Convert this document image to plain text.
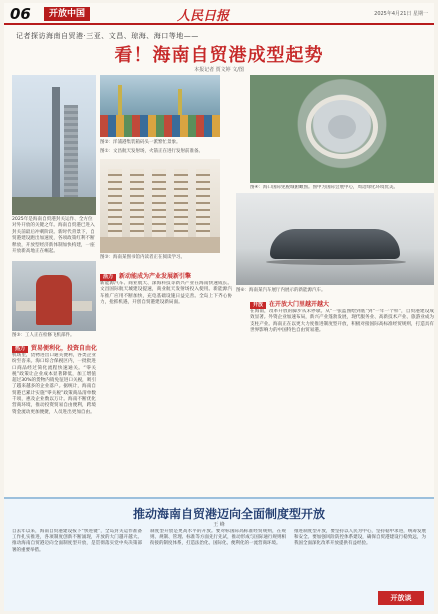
06	开放中国	人民日报	2025年4月21日 星期一
记者探访海南自贸港·三亚、文昌、琼海、海口等地——
看！海南自贸港成型起势
本报记者 贾文婷 文/图
图②：洋浦港集装箱码头一派繁忙景象。
图③：海南某图书馆内读者正在阅读学习。
图①：文昌航天发射场，火箭正在进行发射前准备。
图④：海口国际免税城俯瞰图。图中为国际会展中心，周边绿化环境优美。
图⑥：海南某汽车展厅内展示的新能源汽车。
图⑤：工人正在检修飞机部件。
2025年是海南自贸港封关运作、全方位对外开放的关键之年。海南自贸港已进入封关前最后冲刺阶段。新时代背景下，自贸港建设跑出加速度，各项政策红利不断释放，开放型经济新体制加快构建，一座开放新高地正在崛起。
热力 贸易便利化，投资自由化
机场里，货物进出口通关便利，各类企业纷至沓来。海口综合保税区内，一批批进口商品经过简化流程快速通关。“零关税”政策让企业成本显著降低，加工增值超过30%的货物内销免征进口关税，吸引了越来越多的企业落户。据统计，海南自贸港已累计实施“零关税”政策商品清单数千项，惠及企业数以万计。海南不断优化营商环境，推动投资贸易自由便利，跨境资金流动更加便捷，人员进出更加自由。
开放 在开放大门里越开越大
在海南，改革开放的脚步从未停歇。从“一张蓝图绘到底”到“一年一个样”，自贸港建设成效显著。外资企业加速布局，新兴产业蓬勃发展，现代服务业、高新技术产业、旅游业成为支柱产业。海南正在以更大力度推进制度型开放，积极对接国际高标准经贸规则，打造具有世界影响力的中国特色自由贸易港。
活力 新动能成为产业发展新引擎
新能源汽车、商业航天、深海科技等新兴产业在海南快速成长。文昌国际航天城建设提速，商业航天发射场投入使用。新能源汽车推广应用不断加快，充电基础设施日益完善。全岛上下齐心协力，抢抓机遇，开创自贸港建设新局面。
推动海南自贸港迈向全面制度型开放
王 峰
自去年以来，海南自贸港建设按下“快进键”，全岛封关运作准备工作扎实推进，各项制度创新不断涌现，开放的大门越开越大。推动海南自贸港迈向全面制度型开放，是贯彻落实党中央决策部署的重要举措。
制度型开放是更高水平的开放。要对标国际高标准经贸规则，在规则、规制、管理、标准等方面先行先试，推动形成与国际通行规则相衔接的制度体系，打造法治化、国际化、便利化的一流营商环境。
推进制度型开放，要坚持以人民为中心，坚持稳中求进，统筹发展和安全。要加强风险防控体系建设，确保自贸港建设行稳致远，为我国全面深化改革开放提供有益经验。
开放谈
